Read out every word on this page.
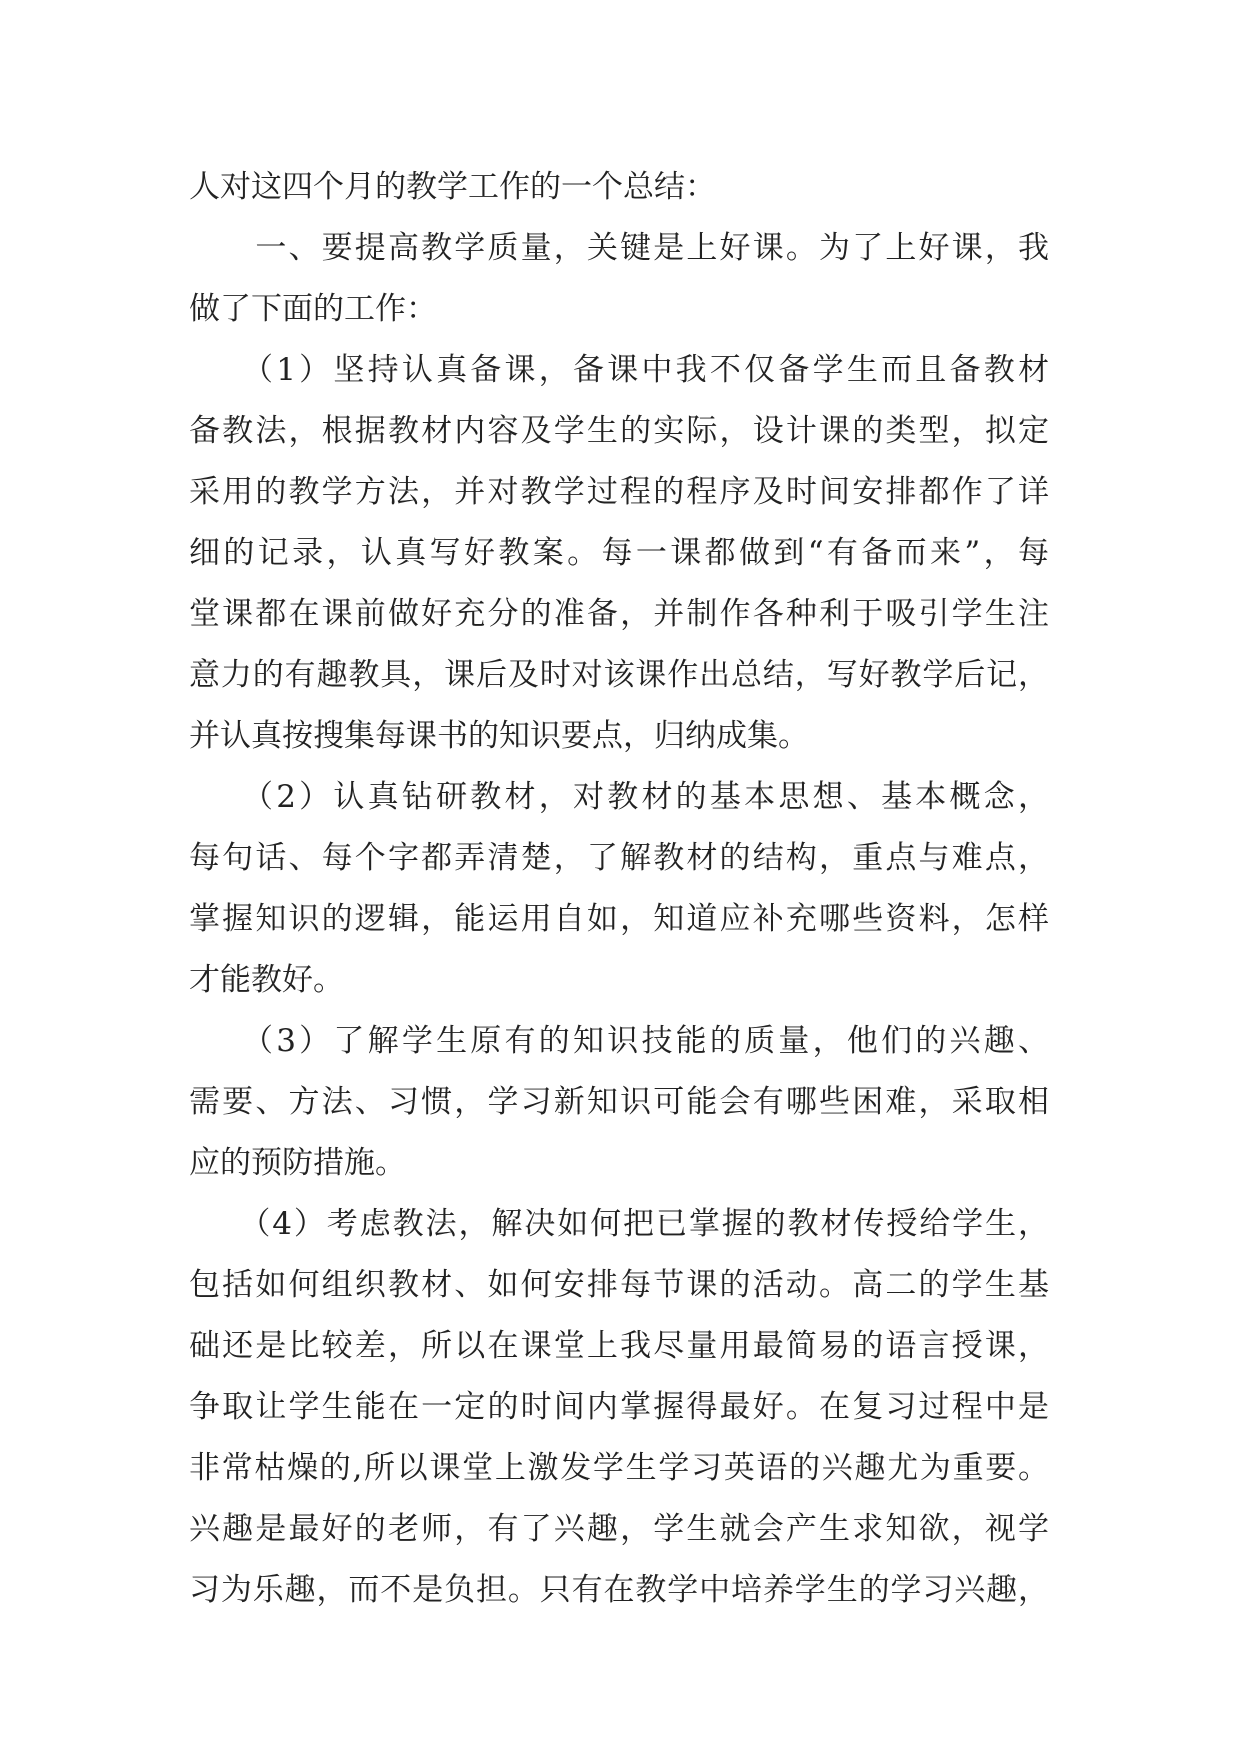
人对这四个月的教学工作的一个总结：
　　一、要提高教学质量，关键是上好课。为了上好课，我
做了下面的工作：
　　（1）坚持认真备课，备课中我不仅备学生而且备教材
备教法，根据教材内容及学生的实际，设计课的类型，拟定
采用的教学方法，并对教学过程的程序及时间安排都作了详
细的记录，认真写好教案。每一课都做到“有备而来”，每
堂课都在课前做好充分的准备，并制作各种利于吸引学生注
意力的有趣教具，课后及时对该课作出总结，写好教学后记，
并认真按搜集每课书的知识要点，归纳成集。
　　（2）认真钻研教材，对教材的基本思想、基本概念，
每句话、每个字都弄清楚，了解教材的结构，重点与难点，
掌握知识的逻辑，能运用自如，知道应补充哪些资料，怎样
才能教好。
　　（3）了解学生原有的知识技能的质量，他们的兴趣、
需要、方法、习惯，学习新知识可能会有哪些困难，采取相
应的预防措施。
　　（4）考虑教法，解决如何把已掌握的教材传授给学生，
包括如何组织教材、如何安排每节课的活动。高二的学生基
础还是比较差，所以在课堂上我尽量用最简易的语言授课，
争取让学生能在一定的时间内掌握得最好。在复习过程中是
非常枯燥的,所以课堂上激发学生学习英语的兴趣尤为重要。
兴趣是最好的老师，有了兴趣，学生就会产生求知欲，视学
习为乐趣，而不是负担。只有在教学中培养学生的学习兴趣，
